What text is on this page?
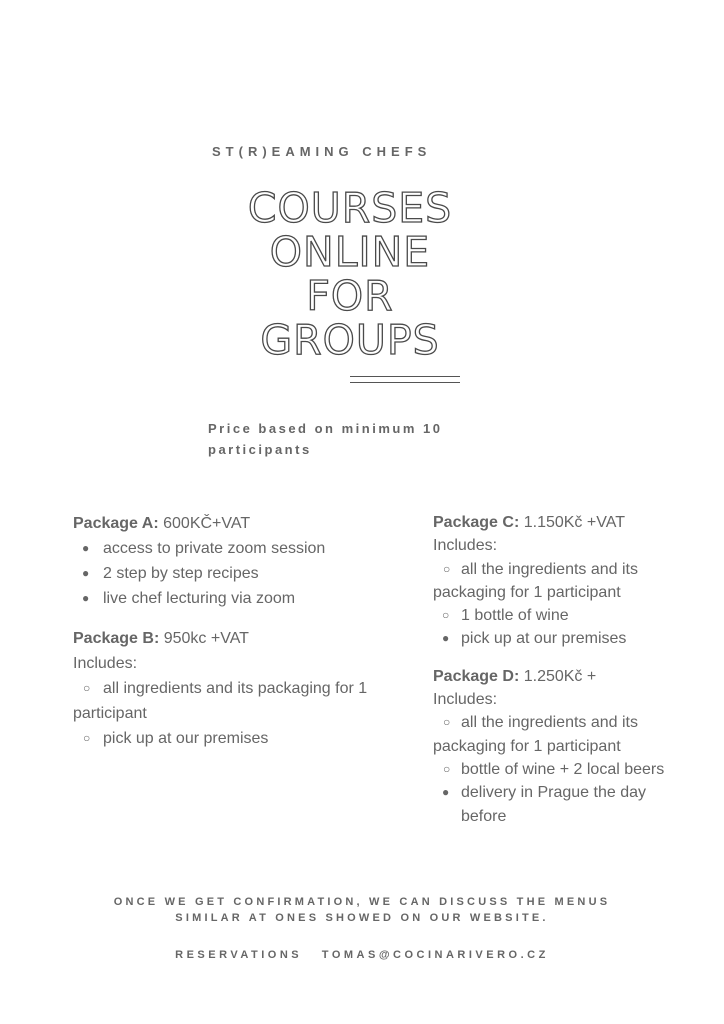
ST(R)EAMING CHEFS
COURSES
ONLINE
FOR
GROUPS
Price based on minimum 10 participants
Package A: 600KČ+VAT
● access to private zoom session
● 2 step by step recipes
● live chef lecturing via zoom
Package B: 950kc +VAT
Includes:
○ all ingredients and its packaging for 1 participant
○ pick up at our premises
Package C: 1.150Kč +VAT
Includes:
○ all the ingredients and its packaging for 1 participant
○ 1 bottle of wine
● pick up at our premises
Package D: 1.250Kč +
Includes:
○ all the ingredients and its packaging for 1 participant
○ bottle of wine + 2 local beers
● delivery in Prague the day before
ONCE WE GET CONFIRMATION, WE CAN DISCUSS THE MENUS SIMILAR AT ONES SHOWED ON OUR WEBSITE.
RESERVATIONS TOMAS@COCINARIVERO.CZ
